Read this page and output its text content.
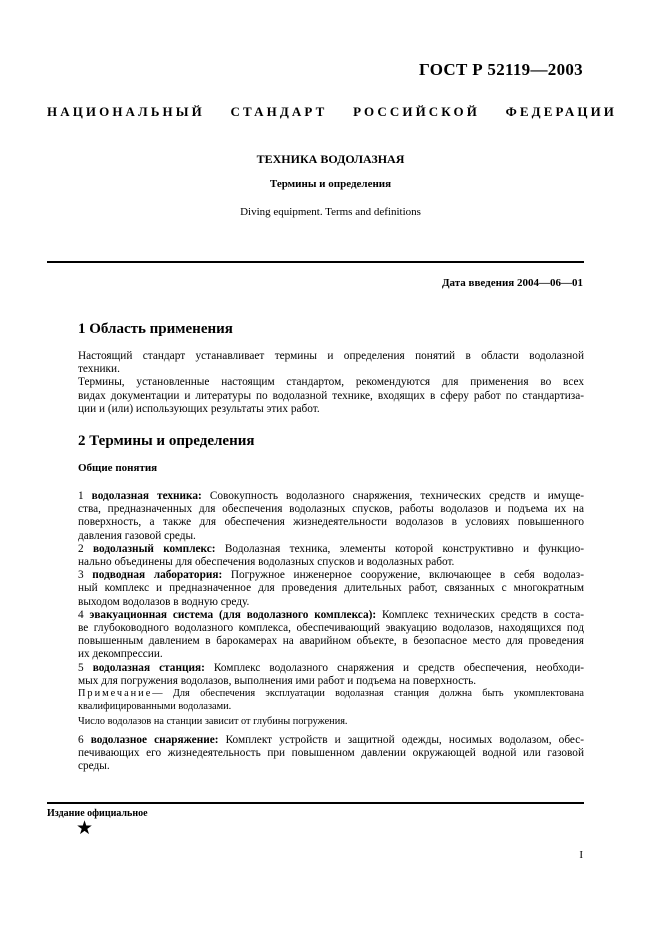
ГОСТ Р 52119—2003
НАЦИОНАЛЬНЫЙ СТАНДАРТ РОССИЙСКОЙ ФЕДЕРАЦИИ
ТЕХНИКА ВОДОЛАЗНАЯ
Термины и определения
Diving equipment. Terms and definitions
Дата введения 2004—06—01
1 Область применения
Настоящий стандарт устанавливает термины и определения понятий в области водолазной
техники.
Термины, установленные настоящим стандартом, рекомендуются для применения во всех
видах документации и литературы по водолазной технике, входящих в сферу работ по стандартиза-
ции и (или) использующих результаты этих работ.
2 Термины и определения
Общие понятия
1 водолазная техника: Совокупность водолазного снаряжения, технических средств и имуще-
ства, предназначенных для обеспечения водолазных спусков, работы водолазов и подъема их на
поверхность, а также для обеспечения жизнедеятельности водолазов в условиях повышенного
давления газовой среды.
2 водолазный комплекс: Водолазная техника, элементы которой конструктивно и функцио-
нально объединены для обеспечения водолазных спусков и водолазных работ.
3 подводная лаборатория: Погружное инженерное сооружение, включающее в себя водолаз-
ный комплекс и предназначенное для проведения длительных работ, связанных с многократным
выходом водолазов в водную среду.
4 эвакуационная система (для водолазного комплекса): Комплекс технических средств в соста-
ве глубоководного водолазного комплекса, обеспечивающий эвакуацию водолазов, находящихся под
повышенным давлением в барокамерах на аварийном объекте, в безопасное место для проведения
их декомпрессии.
5 водолазная станция: Комплекс водолазного снаряжения и средств обеспечения, необходи-
мых для погружения водолазов, выполнения ими работ и подъема на поверхность.
Примечание— Для обеспечения эксплуатации водолазная станция должна быть укомплектована
квалифицированными водолазами.
Число водолазов на станции зависит от глубины погружения.
6 водолазное снаряжение: Комплект устройств и защитной одежды, носимых водолазом, обес-
печивающих его жизнедеятельность при повышенном давлении окружающей водной или газовой
среды.
Издание официальное
★
I
